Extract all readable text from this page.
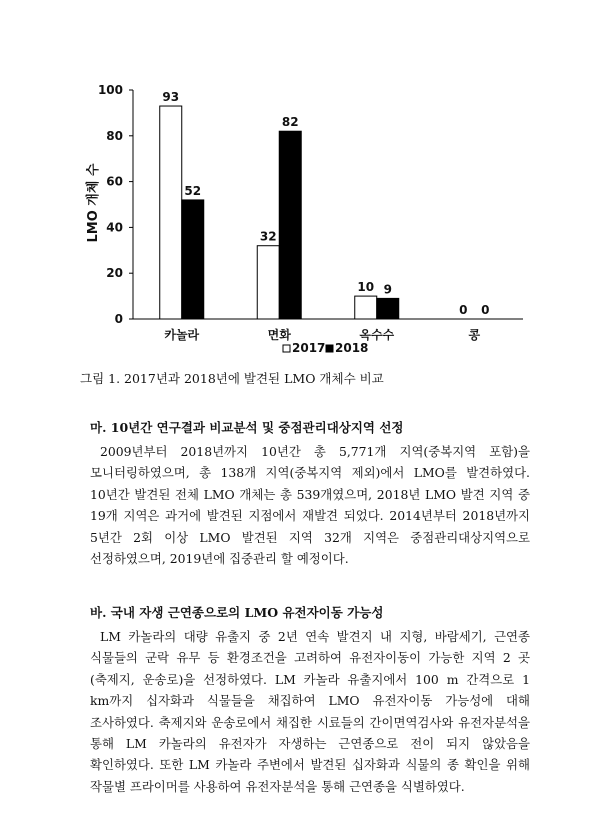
0
20
40
60
80
100
93
32
10
0
52
82
9
0
카놀라	면화	옥수수	콩
LMO 개체 수
2017 2018
그림 1. 2017년과 2018년에 발견된 LMO 개체수 비교
마. 10년간 연구결과 비교분석 및 중점관리대상지역 선정

2009년부터 2018년까지 10년간 총 5,771개 지역(중복지역 포함)을 모니터링하였으며, 총 138개 지역(중복지역 제외)에서 LMO를 발견하였다. 10년간 발견된 전체 LMO 개체는 총 539개였으며, 2018년 LMO 발견 지역 중 19개 지역은 과거에 발견된 지점에서 재발견 되었다. 2014년부터 2018년까지 5년간 2회 이상 LMO 발견된 지역 32개 지역은 중점관리대상지역으로 선정하였으며, 2019년에 집중관리 할 예정이다.

바. 국내 자생 근연종으로의 LMO 유전자이동 가능성

LM 카놀라의 대량 유출지 중 2년 연속 발견지 내 지형, 바람세기, 근연종 식물들의 군락 유무 등 환경조건을 고려하여 유전자이동이 가능한 지역 2 곳(축제지, 운송로)을 선정하였다. LM 카놀라 유출지에서 100 m 간격으로 1 km까지 십자화과 식물들을 채집하여 LMO 유전자이동 가능성에 대해 조사하였다. 축제지와 운송로에서 채집한 시료들의 간이면역검사와 유전자분석을 통해 LM 카놀라의 유전자가 자생하는 근연종으로 전이 되지 않았음을 확인하였다. 또한 LM 카놀라 주변에서 발견된 십자화과 식물의 종 확인을 위해 작물별 프라이머를 사용하여 유전자분석을 통해 근연종을 식별하였다.
